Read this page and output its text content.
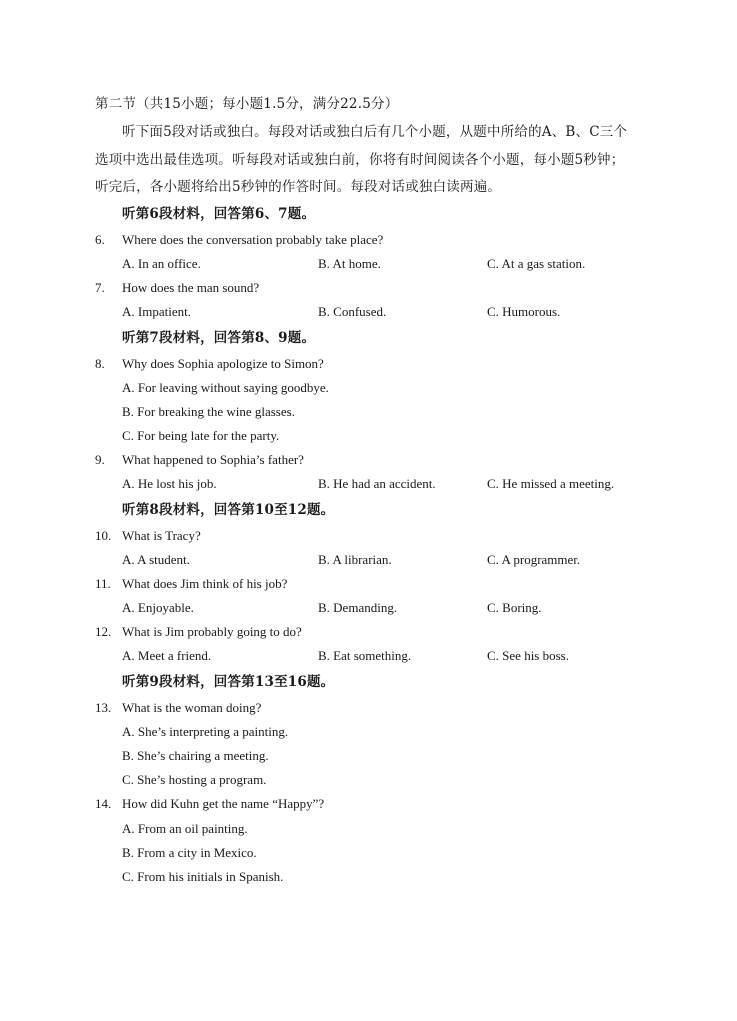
第二节（共15小题；每小题1.5分，满分22.5分）
听下面5段对话或独白。每段对话或独白后有几个小题，从题中所给的A、B、C三个
选项中选出最佳选项。听每段对话或独白前，你将有时间阅读各个小题，每小题5秒钟；
听完后，各小题将给出5秒钟的作答时间。每段对话或独白读两遍。
听第6段材料，回答第6、7题。
6. Where does the conversation probably take place?
A. In an office.	B. At home.	C. At a gas station.
7. How does the man sound?
A. Impatient.	B. Confused.	C. Humorous.
听第7段材料，回答第8、9题。
8. Why does Sophia apologize to Simon?
A. For leaving without saying goodbye.
B. For breaking the wine glasses.
C. For being late for the party.
9. What happened to Sophia’s father?
A. He lost his job.	B. He had an accident.	C. He missed a meeting.
听第8段材料，回答第10至12题。
10. What is Tracy?
A. A student.	B. A librarian.	C. A programmer.
11. What does Jim think of his job?
A. Enjoyable.	B. Demanding.	C. Boring.
12. What is Jim probably going to do?
A. Meet a friend.	B. Eat something.	C. See his boss.
听第9段材料，回答第13至16题。
13. What is the woman doing?
A. She’s interpreting a painting.
B. She’s chairing a meeting.
C. She’s hosting a program.
14. How did Kuhn get the name “Happy”?
A. From an oil painting.
B. From a city in Mexico.
C. From his initials in Spanish.
